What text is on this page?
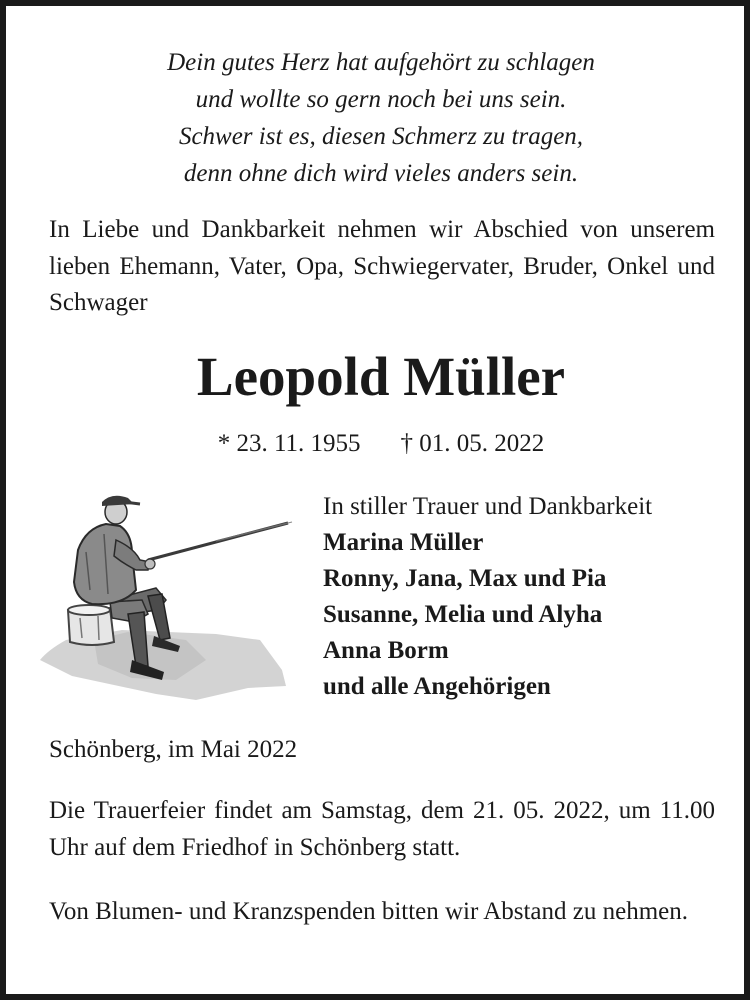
Dein gutes Herz hat aufgehört zu schlagen
und wollte so gern noch bei uns sein.
Schwer ist es, diesen Schmerz zu tragen,
denn ohne dich wird vieles anders sein.
In Liebe und Dankbarkeit nehmen wir Abschied von unserem lieben Ehemann, Vater, Opa, Schwiegervater, Bruder, Onkel und Schwager
Leopold Müller
* 23. 11. 1955 † 01. 05. 2022
In stiller Trauer und Dankbarkeit
Marina Müller
Ronny, Jana, Max und Pia
Susanne, Melia und Alyha
Anna Borm
und alle Angehörigen
Schönberg, im Mai 2022
Die Trauerfeier findet am Samstag, dem 21. 05. 2022, um 11.00 Uhr auf dem Friedhof in Schönberg statt.
Von Blumen- und Kranzspenden bitten wir Abstand zu nehmen.
